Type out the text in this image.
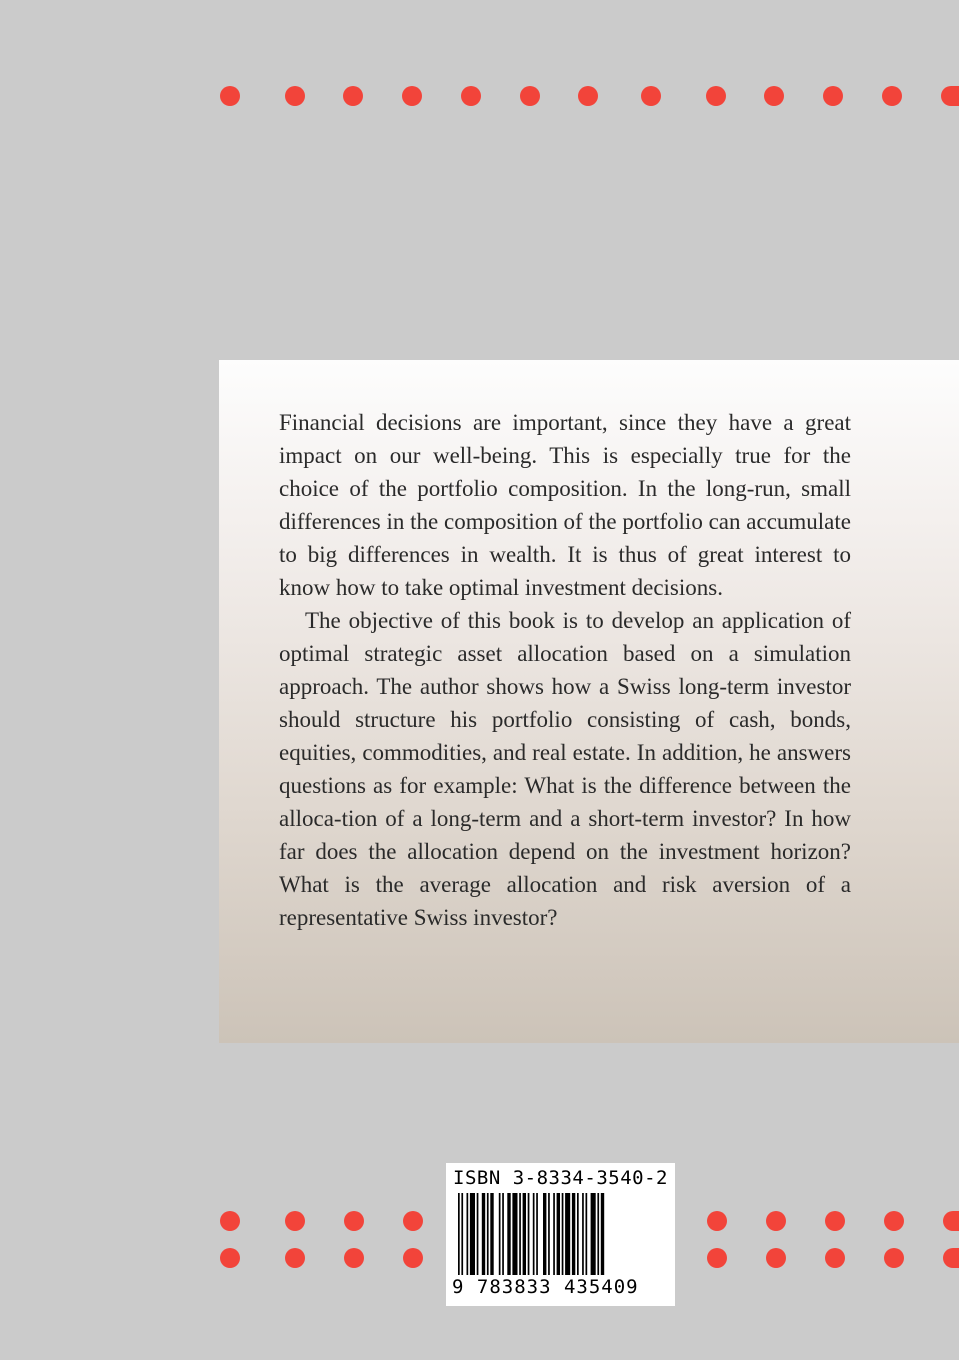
Financial decisions are important, since they have a great impact on our well-being. This is especially true for the choice of the portfolio composition. In the long-run, small differences in the composition of the portfolio can accumulate to big differences in wealth. It is thus of great interest to know how to take optimal investment decisions.

The objective of this book is to develop an application of optimal strategic asset allocation based on a simulation approach. The author shows how a Swiss long-term investor should structure his portfolio consisting of cash, bonds, equities, commodities, and real estate. In addition, he answers questions as for example: What is the difference between the alloca-tion of a long-term and a short-term investor? In how far does the allocation depend on the investment horizon? What is the average allocation and risk aversion of a representative Swiss investor?

ISBN 3-8334-3540-2
9 783833 435409
